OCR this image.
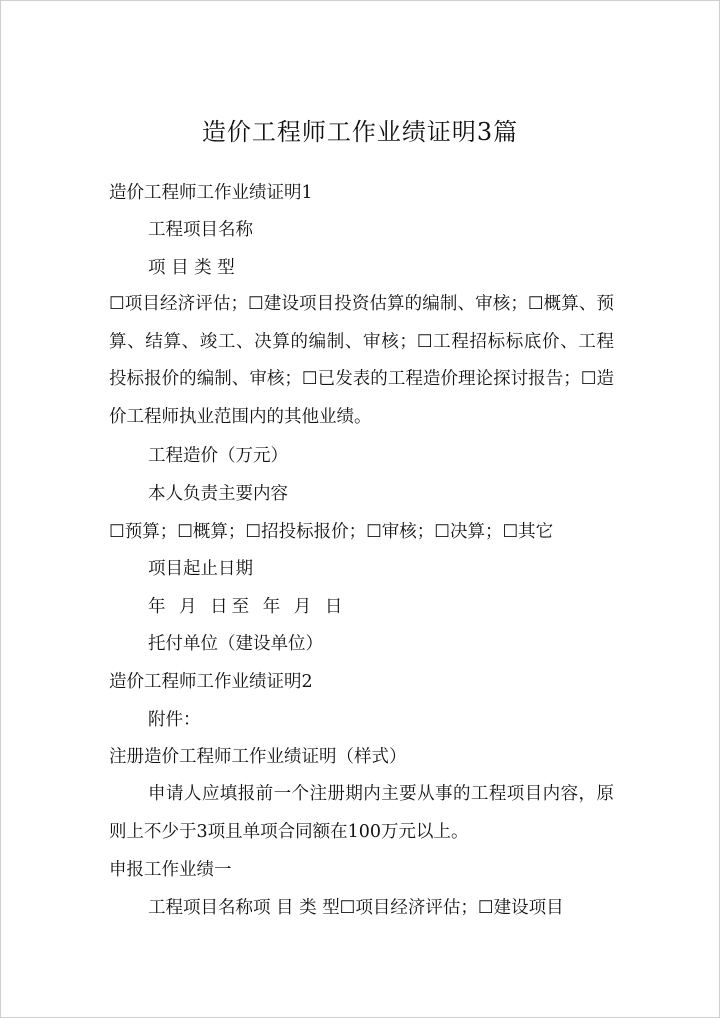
造价工程师工作业绩证明3篇
造价工程师工作业绩证明1
工程项目名称
项 目 类 型
☐项目经济评估；☐建设项目投资估算的编制、审核；☐概算、预算、结算、竣工、决算的编制、审核；☐工程招标标底价、工程投标报价的编制、审核；☐已发表的工程造价理论探讨报告；☐造价工程师执业范围内的其他业绩。
工程造价（万元）
本人负责主要内容
☐预算；☐概算；☐招投标报价；☐审核；☐决算；☐其它
项目起止日期
年 月 日至 年 月 日
托付单位（建设单位）
造价工程师工作业绩证明2
附件：
注册造价工程师工作业绩证明（样式）
申请人应填报前一个注册期内主要从事的工程项目内容，原则上不少于3项且单项合同额在100万元以上。
申报工作业绩一
工程项目名称项 目 类 型☐项目经济评估；☐建设项目
